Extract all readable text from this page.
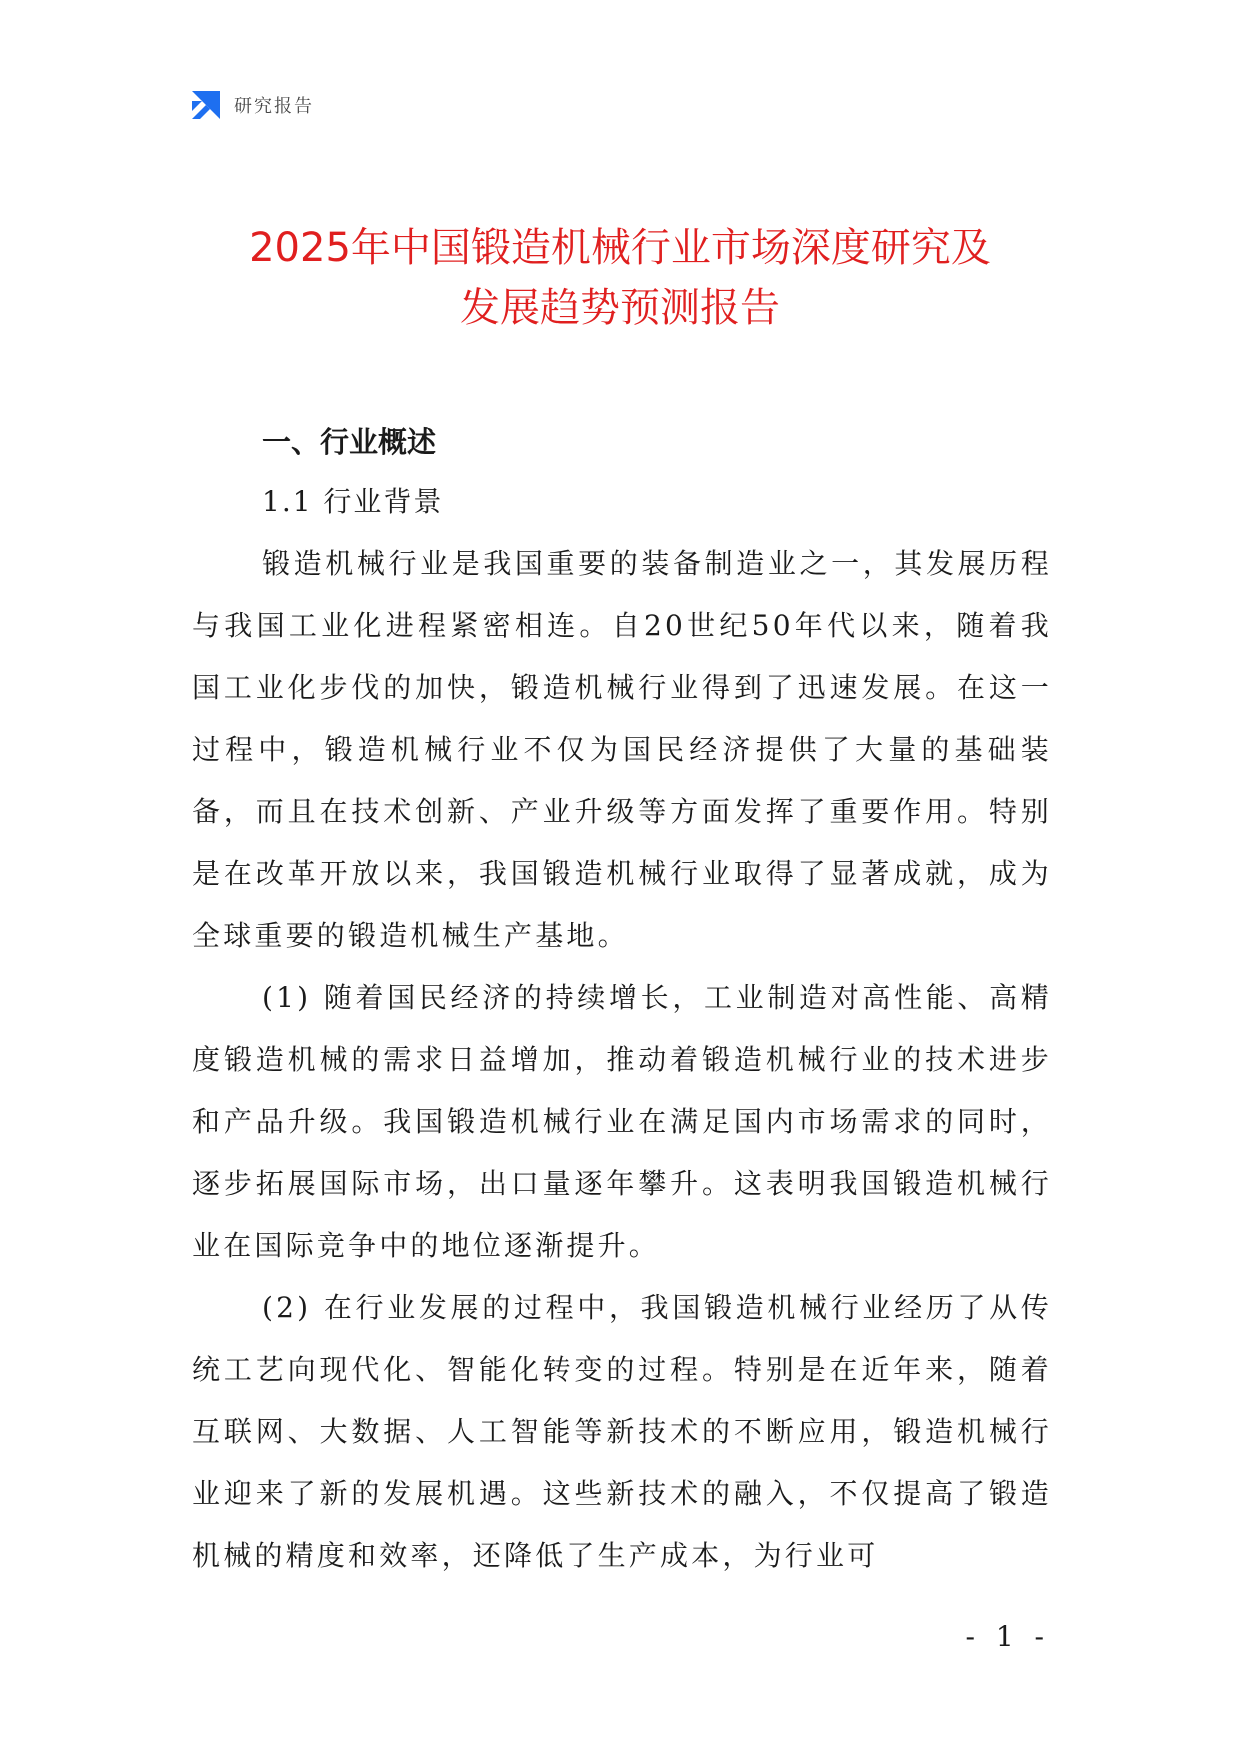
研究报告
2025年中国锻造机械行业市场深度研究及
发展趋势预测报告
一、行业概述
1.1 行业背景

锻造机械行业是我国重要的装备制造业之一，其发展历程与我国工业化进程紧密相连。自20世纪50年代以来，随着我国工业化步伐的加快，锻造机械行业得到了迅速发展。在这一过程中，锻造机械行业不仅为国民经济提供了大量的基础装备，而且在技术创新、产业升级等方面发挥了重要作用。特别是在改革开放以来，我国锻造机械行业取得了显著成就，成为全球重要的锻造机械生产基地。

(1) 随着国民经济的持续增长，工业制造对高性能、高精度锻造机械的需求日益增加，推动着锻造机械行业的技术进步和产品升级。我国锻造机械行业在满足国内市场需求的同时，逐步拓展国际市场，出口量逐年攀升。这表明我国锻造机械行业在国际竞争中的地位逐渐提升。

(2) 在行业发展的过程中，我国锻造机械行业经历了从传统工艺向现代化、智能化转变的过程。特别是在近年来，随着互联网、大数据、人工智能等新技术的不断应用，锻造机械行业迎来了新的发展机遇。这些新技术的融入，不仅提高了锻造机械的精度和效率，还降低了生产成本，为行业可

- 1 -
